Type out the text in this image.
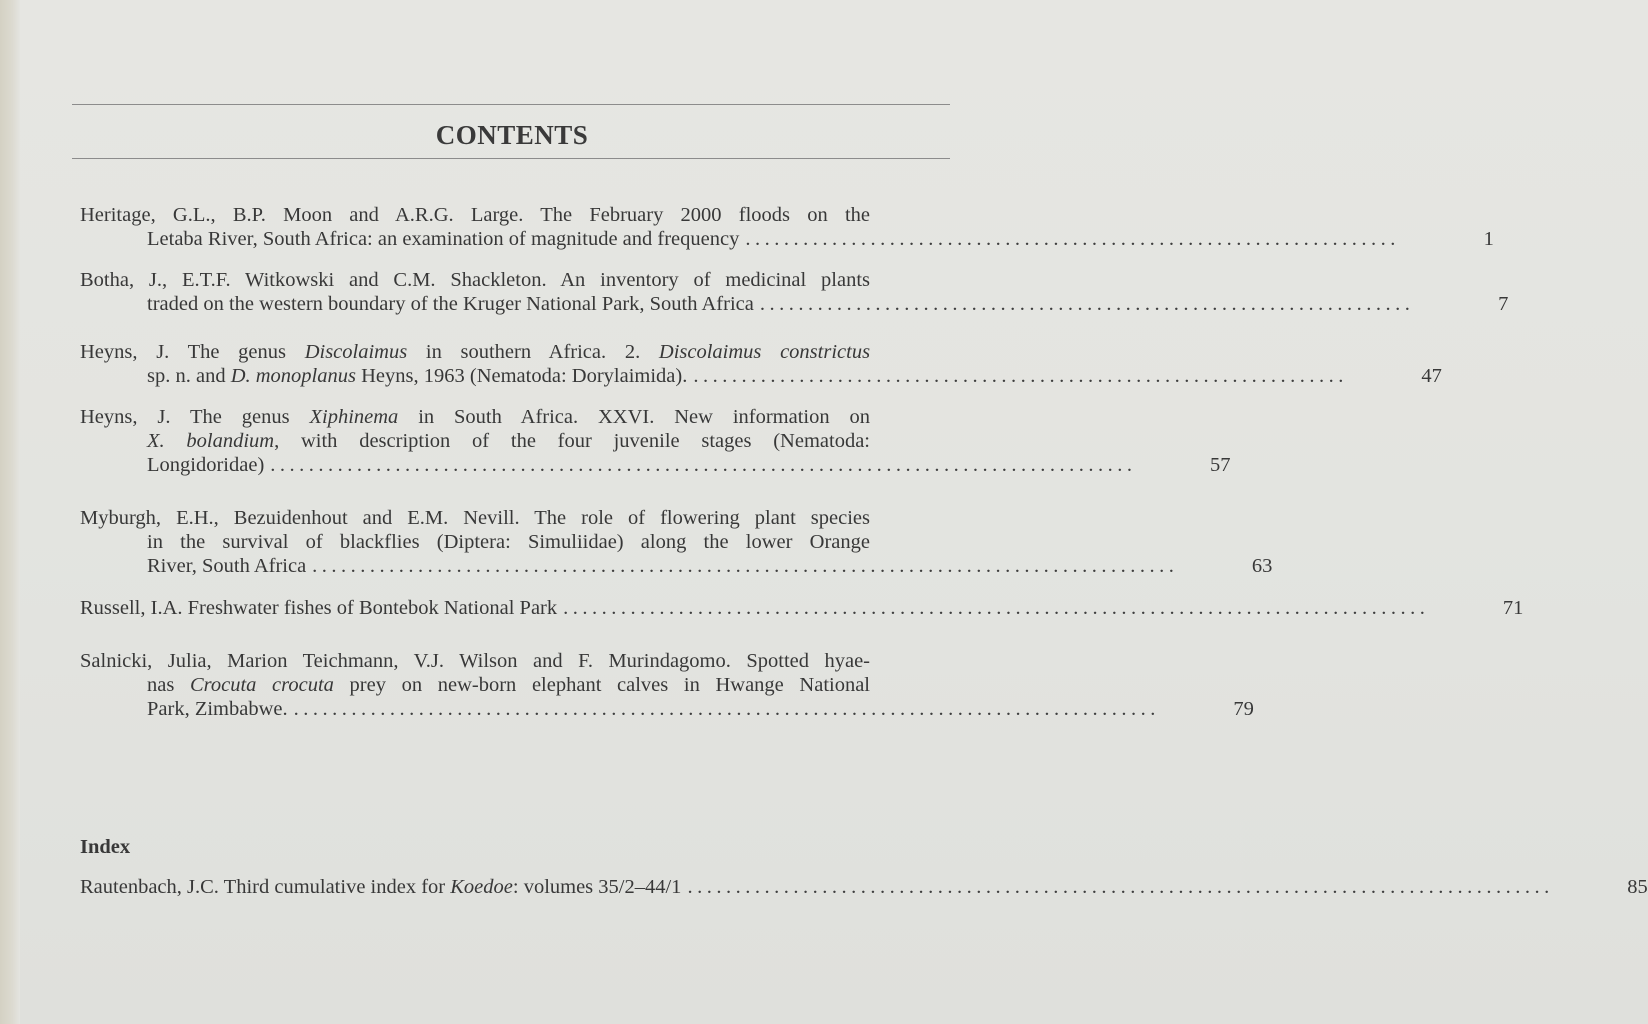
CONTENTS
Heritage, G.L., B.P. Moon and A.R.G. Large. The February 2000 floods on the
Letaba River, South Africa: an examination of magnitude and frequency ....................................................................	1
Botha, J., E.T.F. Witkowski and C.M. Shackleton. An inventory of medicinal plants
traded on the western boundary of the Kruger National Park, South Africa ....................................................................	7
Heyns, J. The genus Discolaimus in southern Africa. 2. Discolaimus constrictus
sp. n. and D. monoplanus Heyns, 1963 (Nematoda: Dorylaimida). ....................................................................	47
Heyns, J. The genus Xiphinema in South Africa. XXVI. New information on
X. bolandium, with description of the four juvenile stages (Nematoda:
Longidoridae) ..........................................................................................	57
Myburgh, E.H., Bezuidenhout and E.M. Nevill. The role of flowering plant species
in the survival of blackflies (Diptera: Simuliidae) along the lower Orange
River, South Africa ..........................................................................................	63
Russell, I.A. Freshwater fishes of Bontebok National Park ..........................................................................................	71
Salnicki, Julia, Marion Teichmann, V.J. Wilson and F. Murindagomo. Spotted hyae-
nas Crocuta crocuta prey on new-born elephant calves in Hwange National
Park, Zimbabwe. ..........................................................................................	79
Index
Rautenbach, J.C. Third cumulative index for Koedoe: volumes 35/2–44/1 ..........................................................................................	85
